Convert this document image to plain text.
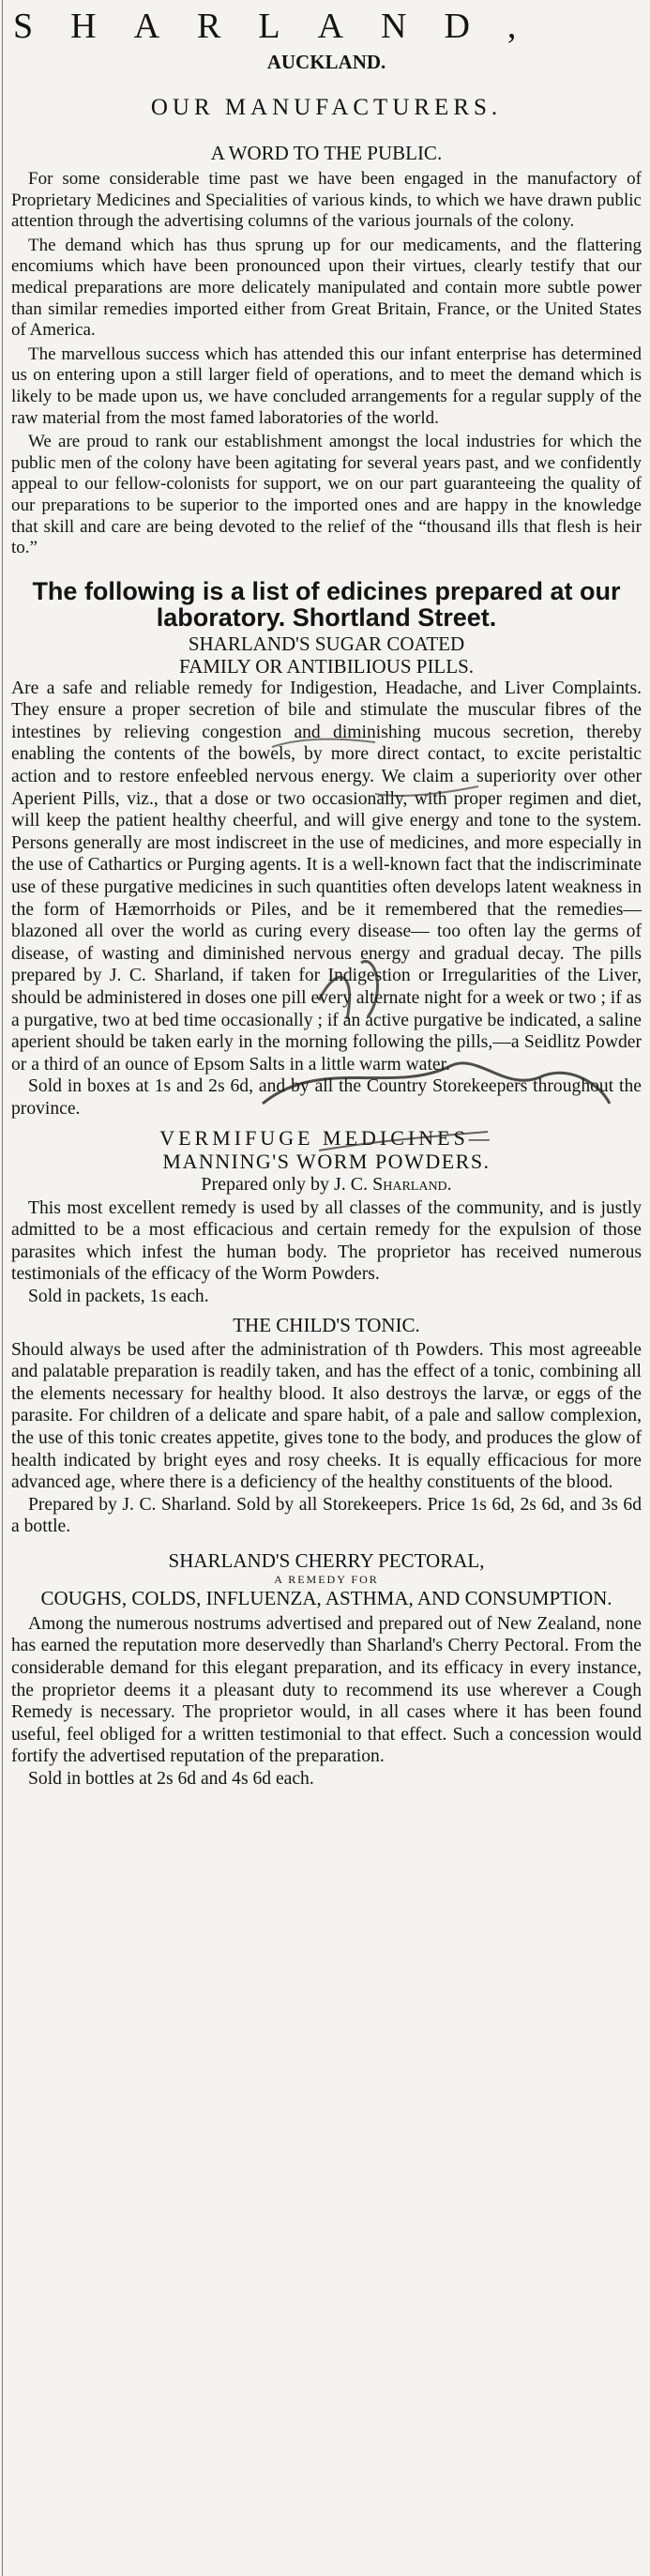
SHARLAND,
AUCKLAND.
OUR MANUFACTURERS.
A WORD TO THE PUBLIC.

For some considerable time past we have been engaged in the manufactory of Proprietary Medicines and Specialities of various kinds, to which we have drawn public attention through the advertising columns of the various journals of the colony.

The demand which has thus sprung up for our medicaments, and the flattering encomiums which have been pronounced upon their virtues, clearly testify that our medical preparations are more delicately manipulated and contain more subtle power than similar remedies imported either from Great Britain, France, or the United States of America.

The marvellous success which has attended this our infant enterprise has determined us on entering upon a still larger field of operations, and to meet the demand which is likely to be made upon us, we have concluded arrangements for a regular supply of the raw material from the most famed laboratories of the world.

We are proud to rank our establishment amongst the local industries for which the public men of the colony have been agitating for several years past, and we confidently appeal to our fellow-colonists for support, we on our part guaranteeing the quality of our preparations to be superior to the imported ones and are happy in the knowledge that skill and care are being devoted to the relief of the “thousand ills that flesh is heir to.”

The following is a list of edicines prepared at our laboratory. Shortland Street.
SHARLAND'S SUGAR COATED
FAMILY OR ANTIBILIOUS PILLS.

Are a safe and reliable remedy for Indigestion, Headache, and Liver Complaints. They ensure a proper secretion of bile and stimulate the muscular fibres of the intestines by relieving congestion and diminishing mucous secretion, thereby enabling the contents of the bowels, by more direct contact, to excite peristaltic action and to restore enfeebled nervous energy. We claim a superiority over other Aperient Pills, viz., that a dose or two occasionally, with proper regimen and diet, will keep the patient healthy cheerful, and will give energy and tone to the system. Persons generally are most indiscreet in the use of medicines, and more especially in the use of Cathartics or Purging agents. It is a well-known fact that the indiscriminate use of these purgative medicines in such quantities often develops latent weakness in the form of Hæmorrhoids or Piles, and be it remembered that the remedies—blazoned all over the world as curing every disease— too often lay the germs of disease, of wasting and diminished nervous energy and gradual decay. The pills prepared by J. C. Sharland, if taken for Indigestion or Irregularities of the Liver, should be administered in doses one pill every alternate night for a week or two ; if as a purgative, two at bed time occasionally ; if an active purgative be indicated, a saline aperient should be taken early in the morning following the pills,—a Seidlitz Powder or a third of an ounce of Epsom Salts in a little warm water.

Sold in boxes at 1s and 2s 6d, and by all the Country Storekeepers throughout the province.

VERMIFUGE MEDICINES—
MANNING'S WORM POWDERS.
Prepared only by J. C. Sharland.

This most excellent remedy is used by all classes of the community, and is justly admitted to be a most efficacious and certain remedy for the expulsion of those parasites which infest the human body. The proprietor has received numerous testimonials of the efficacy of the Worm Powders.

Sold in packets, 1s each.

THE CHILD'S TONIC.

Should always be used after the administration of th Powders. This most agreeable and palatable preparation is readily taken, and has the effect of a tonic, combining all the elements necessary for healthy blood. It also destroys the larvæ, or eggs of the parasite. For children of a delicate and spare habit, of a pale and sallow complexion, the use of this tonic creates appetite, gives tone to the body, and produces the glow of health indicated by bright eyes and rosy cheeks. It is equally efficacious for more advanced age, where there is a deficiency of the healthy constituents of the blood.

Prepared by J. C. Sharland. Sold by all Storekeepers. Price 1s 6d, 2s 6d, and 3s 6d a bottle.

SHARLAND'S CHERRY PECTORAL,
A REMEDY FOR
COUGHS, COLDS, INFLUENZA, ASTHMA, AND CONSUMPTION.

Among the numerous nostrums advertised and prepared out of New Zealand, none has earned the reputation more deservedly than Sharland's Cherry Pectoral. From the considerable demand for this elegant preparation, and its efficacy in every instance, the proprietor deems it a pleasant duty to recommend its use wherever a Cough Remedy is necessary. The proprietor would, in all cases where it has been found useful, feel obliged for a written testimonial to that effect. Such a concession would fortify the advertised reputation of the preparation.

Sold in bottles at 2s 6d and 4s 6d each.
